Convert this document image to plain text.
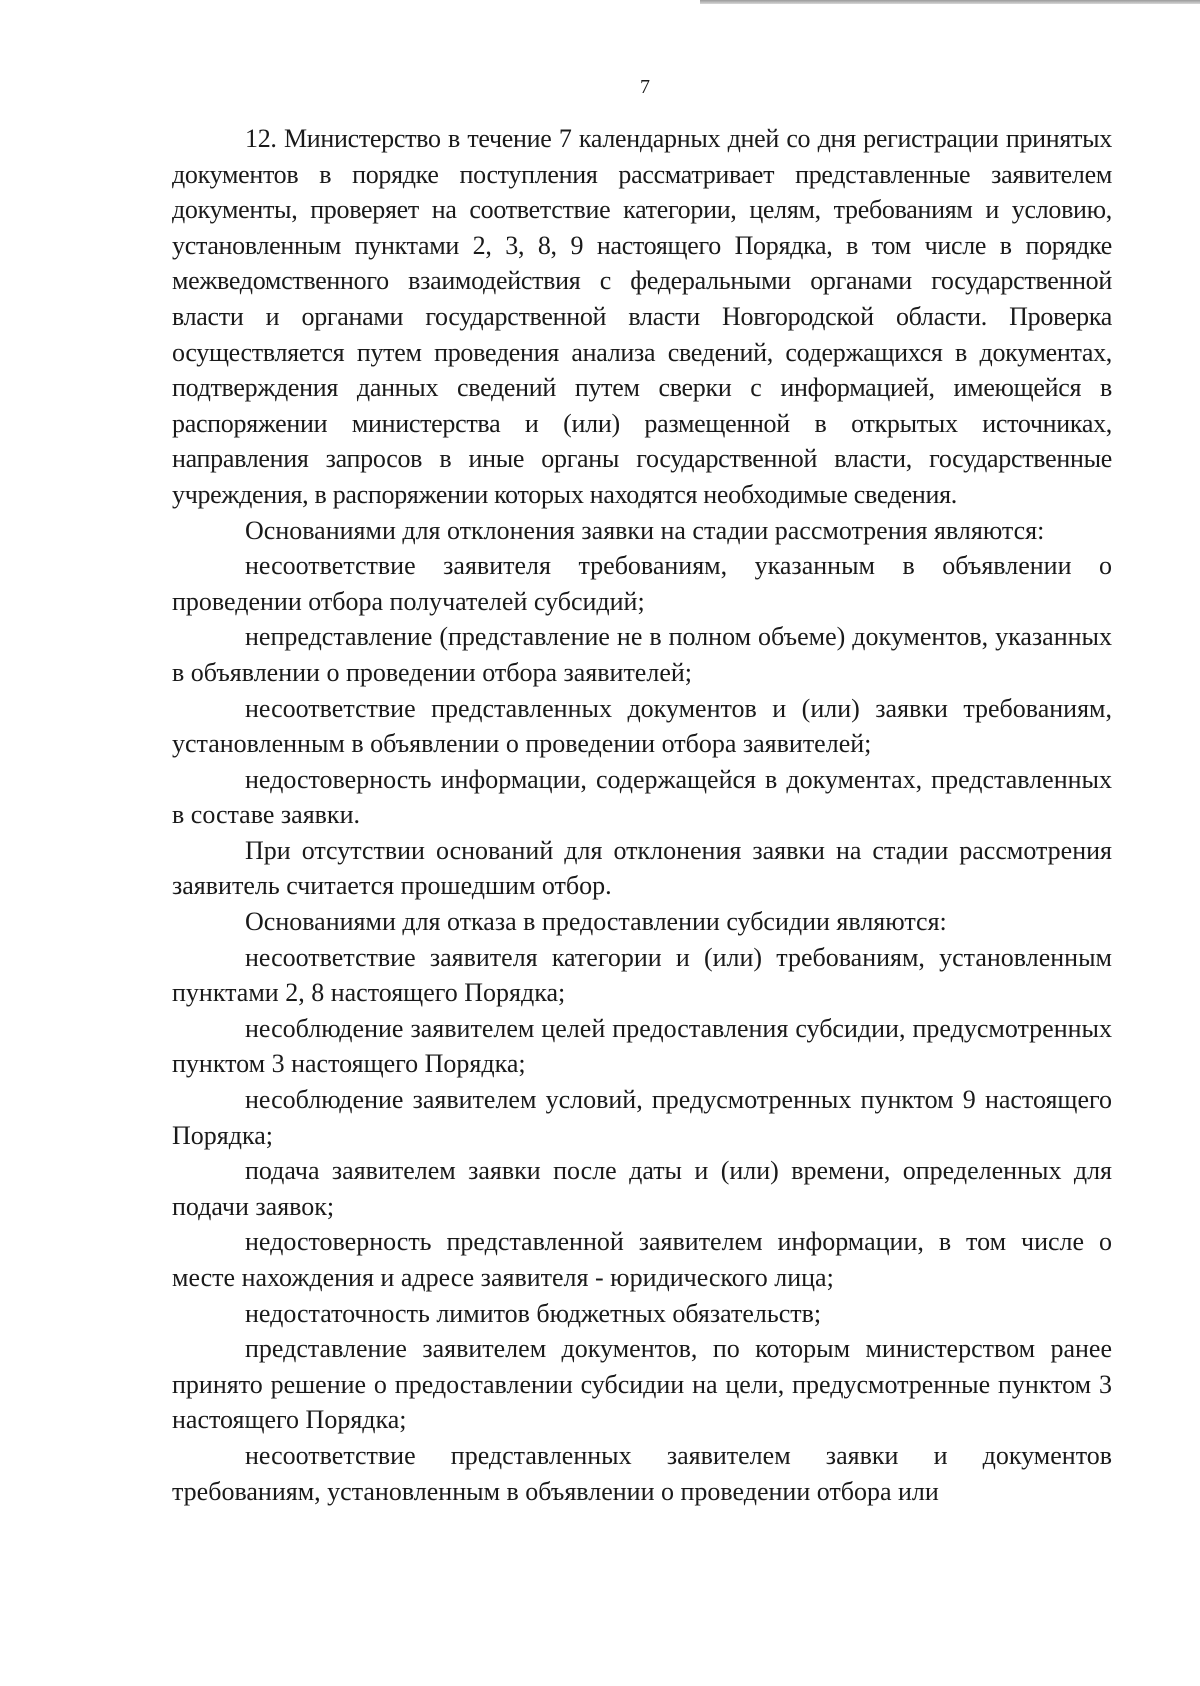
7

12. Министерство в течение 7 календарных дней со дня регистрации принятых документов в порядке поступления рассматривает представленные заявителем документы, проверяет на соответствие категории, целям, требованиям и условию, установленным пунктами 2, 3, 8, 9 настоящего Порядка, в том числе в порядке межведомственного взаимодействия с федеральными органами государственной власти и органами государственной власти Новгородской области. Проверка осуществляется путем проведения анализа сведений, содержащихся в документах, подтверждения данных сведений путем сверки с информацией, имеющейся в распоряжении министерства и (или) размещенной в открытых источниках, направления запросов в иные органы государственной власти, государственные учреждения, в распоряжении которых находятся необходимые сведения.

Основаниями для отклонения заявки на стадии рассмотрения являются:

несоответствие заявителя требованиям, указанным в объявлении о проведении отбора получателей субсидий;

непредставление (представление не в полном объеме) документов, указанных в объявлении о проведении отбора заявителей;

несоответствие представленных документов и (или) заявки требованиям, установленным в объявлении о проведении отбора заявителей;

недостоверность информации, содержащейся в документах, представленных в составе заявки.

При отсутствии оснований для отклонения заявки на стадии рассмотрения заявитель считается прошедшим отбор.

Основаниями для отказа в предоставлении субсидии являются:

несоответствие заявителя категории и (или) требованиям, установленным пунктами 2, 8 настоящего Порядка;

несоблюдение заявителем целей предоставления субсидии, предусмотренных пунктом 3 настоящего Порядка;

несоблюдение заявителем условий, предусмотренных пунктом 9 настоящего Порядка;

подача заявителем заявки после даты и (или) времени, определенных для подачи заявок;

недостоверность представленной заявителем информации, в том числе о месте нахождения и адресе заявителя - юридического лица;

недостаточность лимитов бюджетных обязательств;

представление заявителем документов, по которым министерством ранее принято решение о предоставлении субсидии на цели, предусмотренные пунктом 3 настоящего Порядка;

несоответствие представленных заявителем заявки и документов требованиям, установленным в объявлении о проведении отбора или
